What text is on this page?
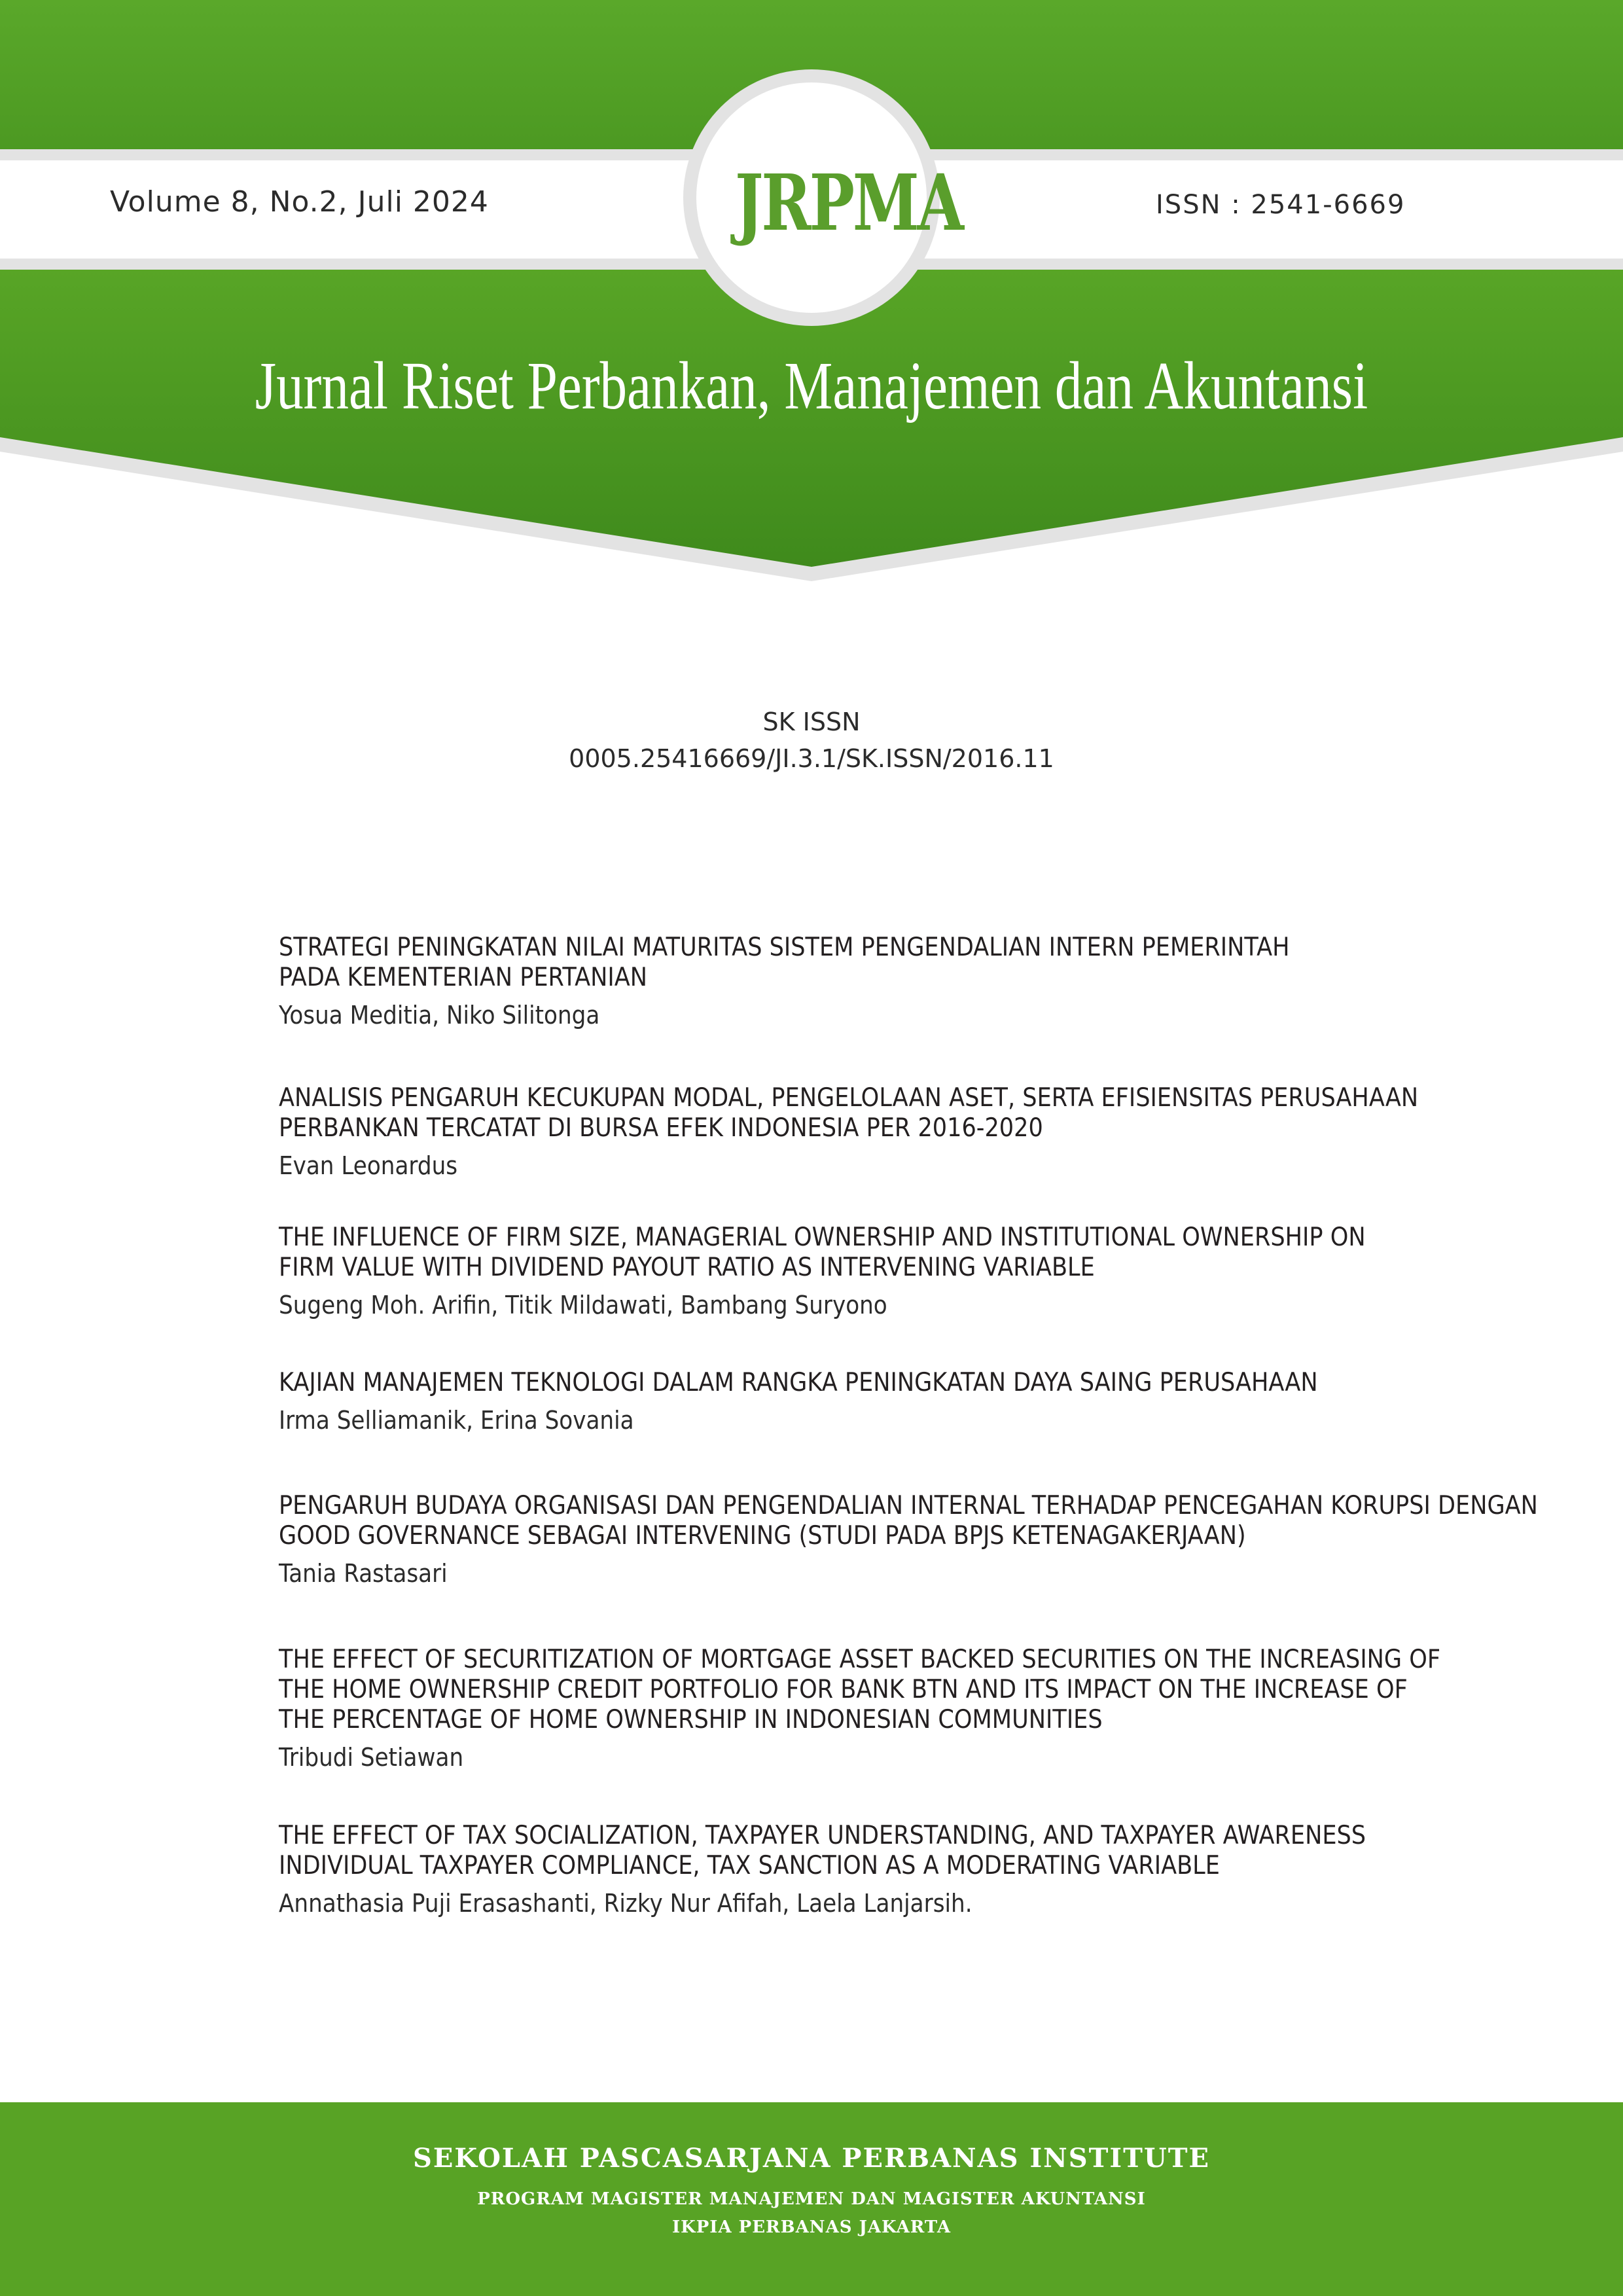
Volume 8, No.2, Juli 2024	ISSN : 2541-6669
JRPMA
Jurnal Riset Perbankan, Manajemen dan Akuntansi
SK ISSN
0005.25416669/JI.3.1/SK.ISSN/2016.11
STRATEGI PENINGKATAN NILAI MATURITAS SISTEM PENGENDALIAN INTERN PEMERINTAH
PADA KEMENTERIAN PERTANIAN
Yosua Meditia, Niko Silitonga
ANALISIS PENGARUH KECUKUPAN MODAL, PENGELOLAAN ASET, SERTA EFISIENSITAS PERUSAHAAN
PERBANKAN TERCATAT DI BURSA EFEK INDONESIA PER 2016-2020
Evan Leonardus
THE INFLUENCE OF FIRM SIZE, MANAGERIAL OWNERSHIP AND INSTITUTIONAL OWNERSHIP ON
FIRM VALUE WITH DIVIDEND PAYOUT RATIO AS INTERVENING VARIABLE
Sugeng Moh. Arifin, Titik Mildawati, Bambang Suryono
KAJIAN MANAJEMEN TEKNOLOGI DALAM RANGKA PENINGKATAN DAYA SAING PERUSAHAAN
Irma Selliamanik, Erina Sovania
PENGARUH BUDAYA ORGANISASI DAN PENGENDALIAN INTERNAL TERHADAP PENCEGAHAN KORUPSI DENGAN
GOOD GOVERNANCE SEBAGAI INTERVENING (STUDI PADA BPJS KETENAGAKERJAAN)
Tania Rastasari
THE EFFECT OF SECURITIZATION OF MORTGAGE ASSET BACKED SECURITIES ON THE INCREASING OF
THE HOME OWNERSHIP CREDIT PORTFOLIO FOR BANK BTN AND ITS IMPACT ON THE INCREASE OF
THE PERCENTAGE OF HOME OWNERSHIP IN INDONESIAN COMMUNITIES
Tribudi Setiawan
THE EFFECT OF TAX SOCIALIZATION, TAXPAYER UNDERSTANDING, AND TAXPAYER AWARENESS
INDIVIDUAL TAXPAYER COMPLIANCE, TAX SANCTION AS A MODERATING VARIABLE
Annathasia Puji Erasashanti, Rizky Nur Afifah, Laela Lanjarsih.
SEKOLAH PASCASARJANA PERBANAS INSTITUTE
PROGRAM MAGISTER MANAJEMEN DAN MAGISTER AKUNTANSI
IKPIA PERBANAS JAKARTA
